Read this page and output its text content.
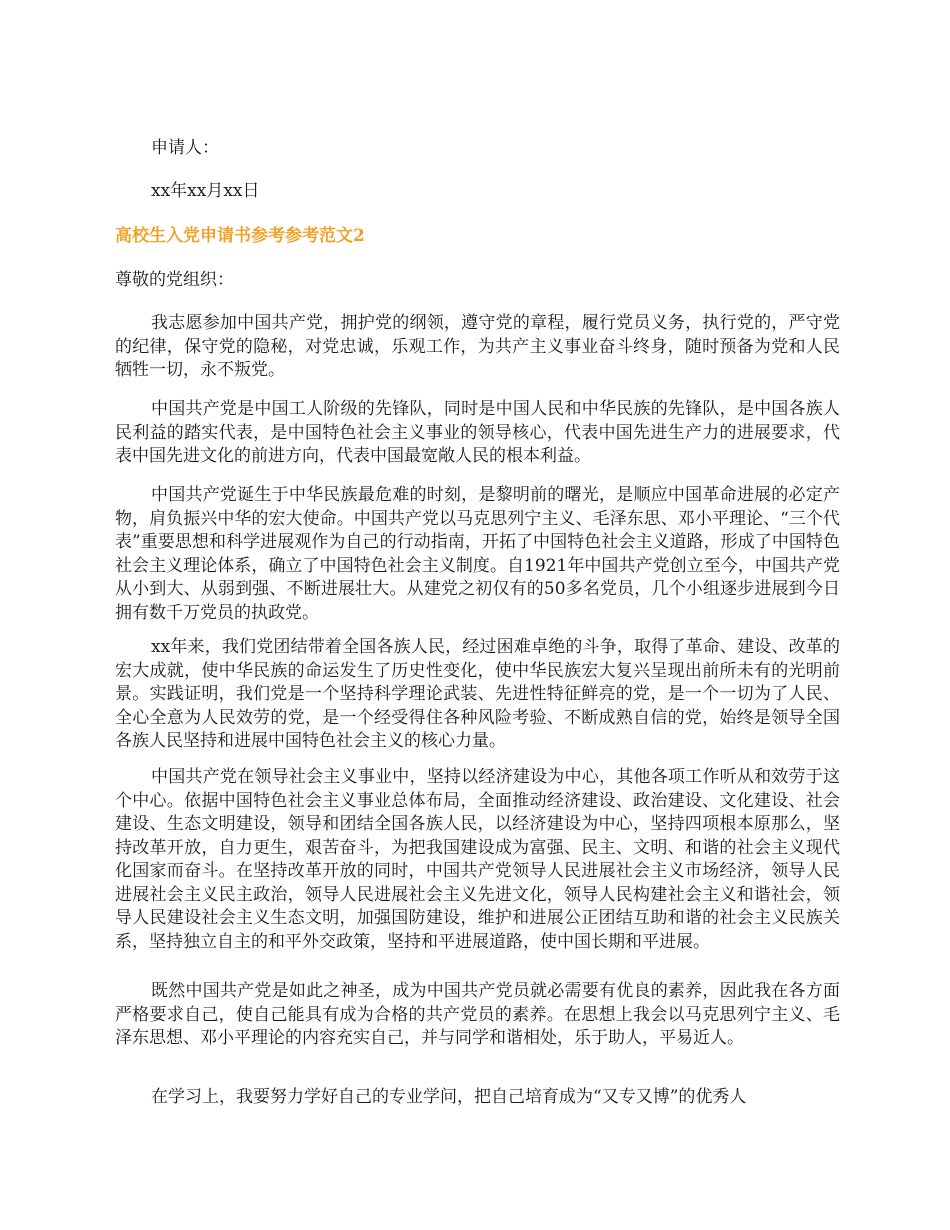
申请人：
xx年xx月xx日
高校生入党申请书参考参考范文2
尊敬的党组织：

我志愿参加中国共产党，拥护党的纲领，遵守党的章程，履行党员义务，执行党的，严守党的纪律，保守党的隐秘，对党忠诚，乐观工作，为共产主义事业奋斗终身，随时预备为党和人民牺牲一切，永不叛党。

中国共产党是中国工人阶级的先锋队，同时是中国人民和中华民族的先锋队，是中国各族人民利益的踏实代表，是中国特色社会主义事业的领导核心，代表中国先进生产力的进展要求，代表中国先进文化的前进方向，代表中国最宽敞人民的根本利益。

中国共产党诞生于中华民族最危难的时刻，是黎明前的曙光，是顺应中国革命进展的必定产物，肩负振兴中华的宏大使命。中国共产党以马克思列宁主义、毛泽东思、邓小平理论、“三个代表”重要思想和科学进展观作为自己的行动指南，开拓了中国特色社会主义道路，形成了中国特色社会主义理论体系，确立了中国特色社会主义制度。自1921年中国共产党创立至今，中国共产党从小到大、从弱到强、不断进展壮大。从建党之初仅有的50多名党员，几个小组逐步进展到今日拥有数千万党员的执政党。

xx年来，我们党团结带着全国各族人民，经过困难卓绝的斗争，取得了革命、建设、改革的宏大成就，使中华民族的命运发生了历史性变化，使中华民族宏大复兴呈现出前所未有的光明前景。实践证明，我们党是一个坚持科学理论武装、先进性特征鲜亮的党，是一个一切为了人民、全心全意为人民效劳的党，是一个经受得住各种风险考验、不断成熟自信的党，始终是领导全国各族人民坚持和进展中国特色社会主义的核心力量。

中国共产党在领导社会主义事业中，坚持以经济建设为中心，其他各项工作听从和效劳于这个中心。依据中国特色社会主义事业总体布局，全面推动经济建设、政治建设、文化建设、社会建设、生态文明建设，领导和团结全国各族人民，以经济建设为中心，坚持四项根本原那么，坚持改革开放，自力更生，艰苦奋斗，为把我国建设成为富强、民主、文明、和谐的社会主义现代化国家而奋斗。在坚持改革开放的同时，中国共产党领导人民进展社会主义市场经济，领导人民进展社会主义民主政治，领导人民进展社会主义先进文化，领导人民构建社会主义和谐社会，领导人民建设社会主义生态文明，加强国防建设，维护和进展公正团结互助和谐的社会主义民族关系，坚持独立自主的和平外交政策，坚持和平进展道路，使中国长期和平进展。

既然中国共产党是如此之神圣，成为中国共产党员就必需要有优良的素养，因此我在各方面严格要求自己，使自己能具有成为合格的共产党员的素养。在思想上我会以马克思列宁主义、毛泽东思想、邓小平理论的内容充实自己，并与同学和谐相处，乐于助人，平易近人。

在学习上，我要努力学好自己的专业学问，把自己培育成为“又专又博”的优秀人
